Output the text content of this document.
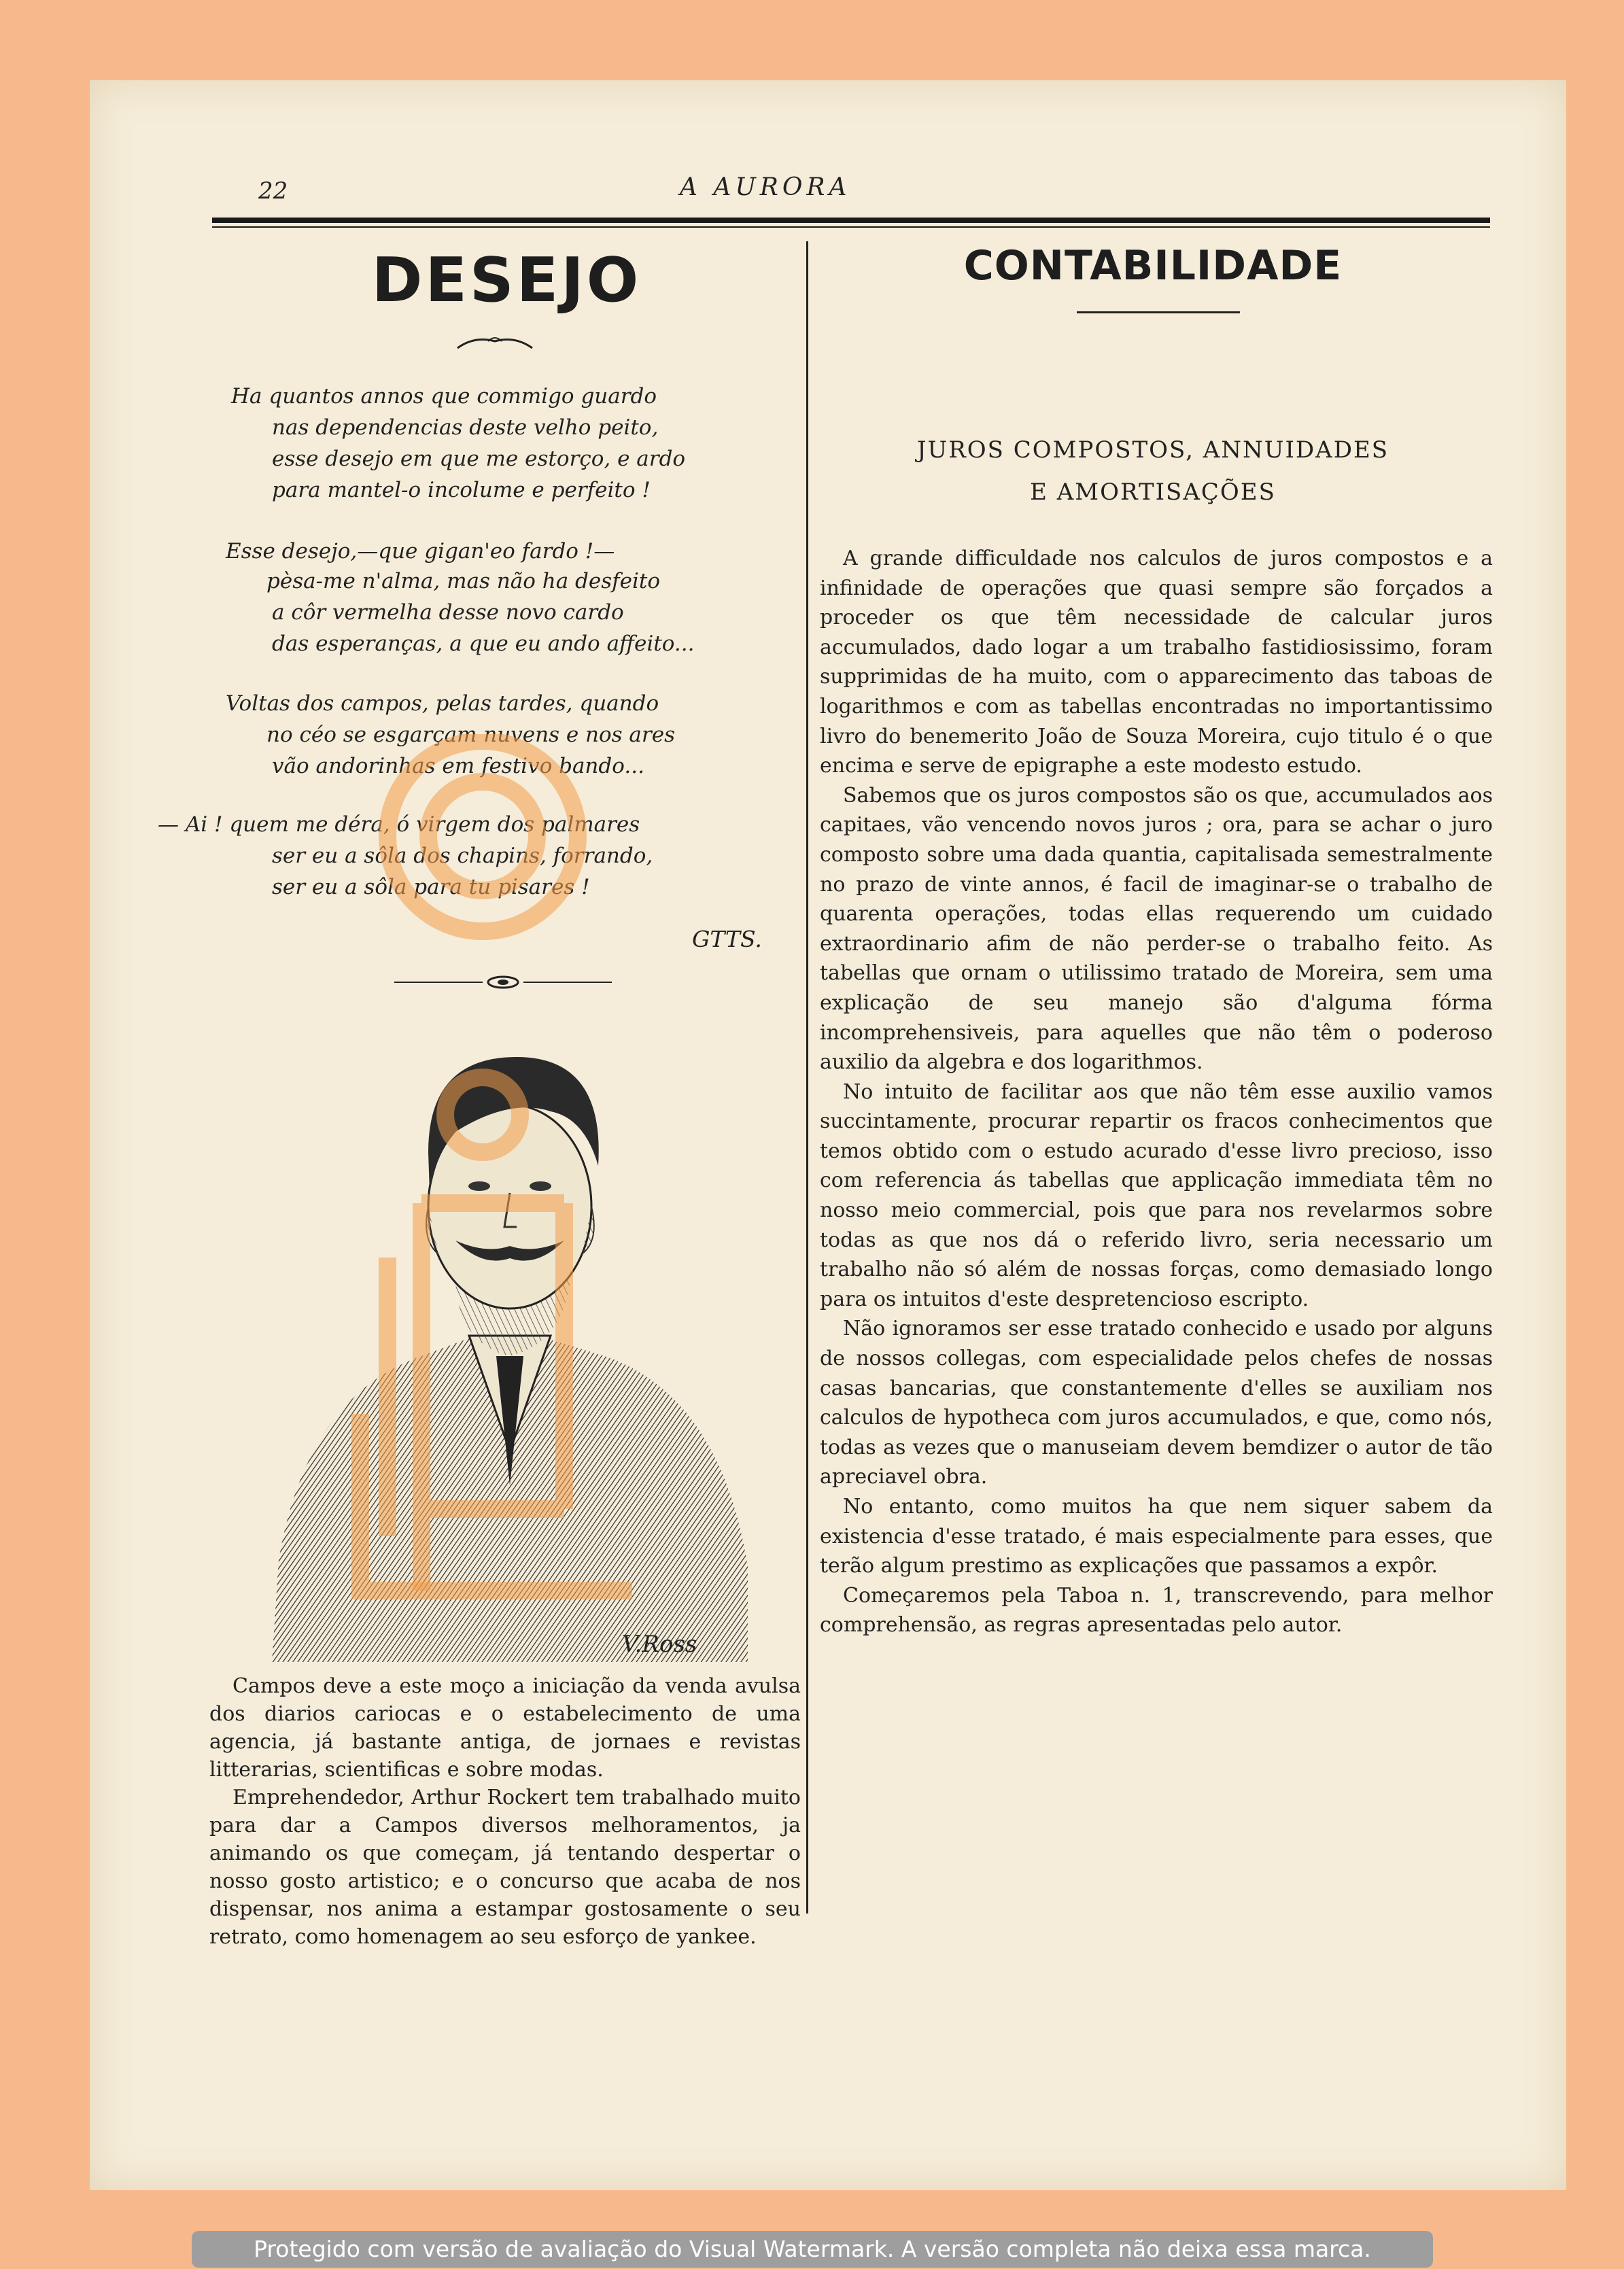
22	A AURORA
DESEJO
Ha quantos annos que commigo guardo
nas dependencias deste velho peito,
esse desejo em que me estorço, e ardo
para mantel-o incolume e perfeito !
Esse desejo,—que gigan'eo fardo !—
pèsa-me n'alma, mas não ha desfeito
a côr vermelha desse novo cardo
das esperanças, a que eu ando affeito...
Voltas dos campos, pelas tardes, quando
no céo se esgarçam nuvens e nos ares
vão andorinhas em festivo bando...
— Ai ! quem me déra, ó virgem dos palmares
ser eu a sôla dos chapins, forrando,
ser eu a sôla para tu pisares !
GTTS.
V.Ross

Campos deve a este moço a iniciação da venda avulsa dos diarios cariocas e o estabelecimento de uma agencia, já bastante antiga, de jornaes e revistas litterarias, scientificas e sobre modas.

Emprehendedor, Arthur Rockert tem trabalhado muito para dar a Campos diversos melhoramentos, ja animando os que começam, já tentando despertar o nosso gosto artistico; e o concurso que acaba de nos dispensar, nos anima a estampar gostosamente o seu retrato, como homenagem ao seu esforço de yankee.

CONTABILIDADE
JUROS COMPOSTOS, ANNUIDADES
E AMORTISAÇÕES

A grande difficuldade nos calculos de juros compostos e a infinidade de operações que quasi sempre são forçados a proceder os que têm necessidade de calcular juros accumulados, dado logar a um trabalho fastidiosissimo, foram supprimidas de ha muito, com o apparecimento das taboas de logarithmos e com as tabellas encontradas no importantissimo livro do benemerito João de Souza Moreira, cujo titulo é o que encima e serve de epigraphe a este modesto estudo.

Sabemos que os juros compostos são os que, accumulados aos capitaes, vão vencendo novos juros ; ora, para se achar o juro composto sobre uma dada quantia, capitalisada semestralmente no prazo de vinte annos, é facil de imaginar-se o trabalho de quarenta operações, todas ellas requerendo um cuidado extraordinario afim de não perder-se o trabalho feito. As tabellas que ornam o utilissimo tratado de Moreira, sem uma explicação de seu manejo são d'alguma fórma incomprehensiveis, para aquelles que não têm o poderoso auxilio da algebra e dos logarithmos.

No intuito de facilitar aos que não têm esse auxilio vamos succintamente, procurar repartir os fracos conhecimentos que temos obtido com o estudo acurado d'esse livro precioso, isso com referencia ás tabellas que applicação immediata têm no nosso meio commercial, pois que para nos revelarmos sobre todas as que nos dá o referido livro, seria necessario um trabalho não só além de nossas forças, como demasiado longo para os intuitos d'este despretencioso escripto.

Não ignoramos ser esse tratado conhecido e usado por alguns de nossos collegas, com especialidade pelos chefes de nossas casas bancarias, que constantemente d'elles se auxiliam nos calculos de hypotheca com juros accumulados, e que, como nós, todas as vezes que o manuseiam devem bemdizer o autor de tão apreciavel obra.

No entanto, como muitos ha que nem siquer sabem da existencia d'esse tratado, é mais especialmente para esses, que terão algum prestimo as explicações que passamos a expôr.

Começaremos pela Taboa n. 1, transcrevendo, para melhor comprehensão, as regras apresentadas pelo autor.

Protegido com versão de avaliação do Visual Watermark. A versão completa não deixa essa marca.
